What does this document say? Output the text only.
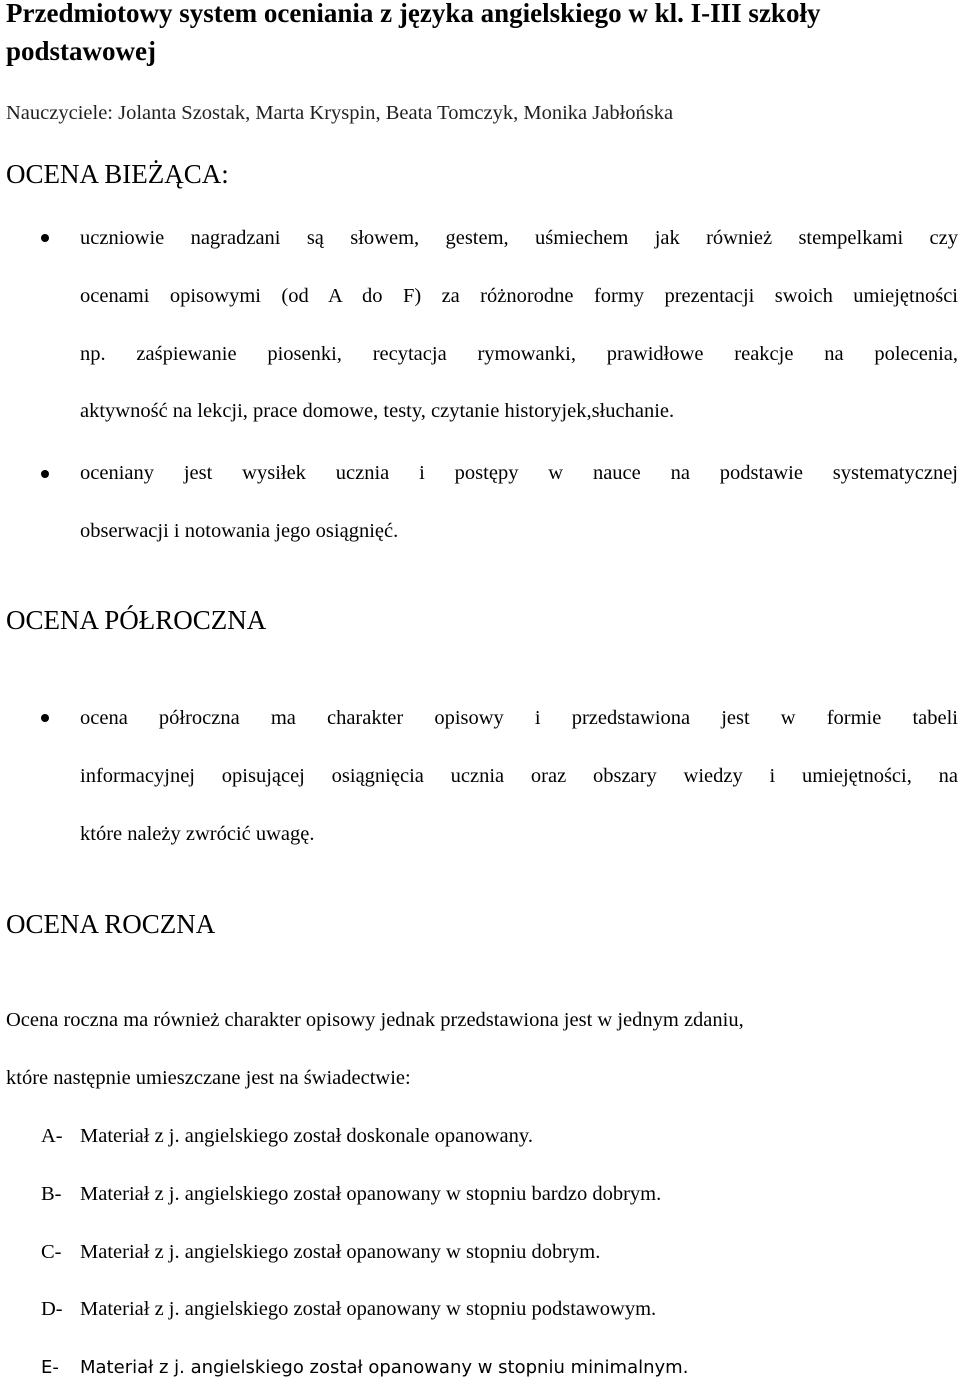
Przedmiotowy system oceniania z języka angielskiego w kl. I-III szkoły podstawowej

Nauczyciele: Jolanta Szostak, Marta Kryspin, Beata Tomczyk, Monika Jabłońska

OCENA BIEŻĄCA:

uczniowie nagradzani są słowem, gestem, uśmiechem jak również stempelkami czy

ocenami opisowymi (od A do F) za różnorodne formy prezentacji swoich umiejętności

np. zaśpiewanie piosenki, recytacja rymowanki, prawidłowe reakcje na polecenia,

aktywność na lekcji, prace domowe, testy, czytanie historyjek,słuchanie.

oceniany jest wysiłek ucznia i postępy w nauce na podstawie systematycznej

obserwacji i notowania jego osiągnięć.

OCENA PÓŁROCZNA

ocena półroczna ma charakter opisowy i przedstawiona jest w formie tabeli

informacyjnej opisującej osiągnięcia ucznia oraz obszary wiedzy i umiejętności, na

które należy zwrócić uwagę.

OCENA ROCZNA

Ocena roczna ma również charakter opisowy jednak przedstawiona jest w jednym zdaniu,

które następnie umieszczane jest na świadectwie:

A- Materiał z j. angielskiego został doskonale opanowany.
B- Materiał z j. angielskiego został opanowany w stopniu bardzo dobrym.
C- Materiał z j. angielskiego został opanowany w stopniu dobrym.
D- Materiał z j. angielskiego został opanowany w stopniu podstawowym.
E- Materiał z j. angielskiego został opanowany w stopniu minimalnym.
